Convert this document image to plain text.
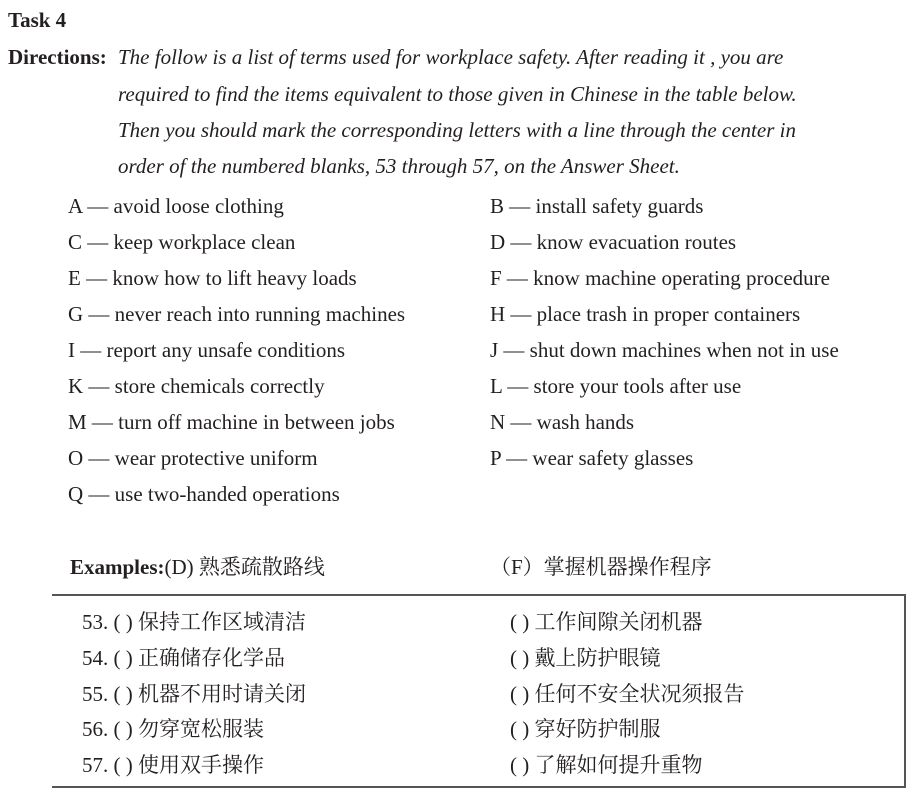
Task 4
Directions: The follow is a list of terms used for workplace safety. After reading it , you are
required to find the items equivalent to those given in Chinese in the table below.
Then you should mark the corresponding letters with a line through the center in
order of the numbered blanks, 53 through 57, on the Answer Sheet.
A — avoid loose clothing	B — install safety guards
C — keep workplace clean	D — know evacuation routes
E — know how to lift heavy loads	F — know machine operating procedure
G — never reach into running machines	H — place trash in proper containers
I — report any unsafe conditions	J — shut down machines when not in use
K — store chemicals correctly	L — store your tools after use
M — turn off machine in between jobs	N — wash hands
O — wear protective uniform	P — wear safety glasses
Q — use two-handed operations
Examples:(D) 熟悉疏散路线	（F）掌握机器操作程序
53. ( ) 保持工作区域清洁	( ) 工作间隙关闭机器
54. ( ) 正确储存化学品	( ) 戴上防护眼镜
55. ( ) 机器不用时请关闭	( ) 任何不安全状况须报告
56. ( ) 勿穿宽松服装	( ) 穿好防护制服
57. ( ) 使用双手操作	( ) 了解如何提升重物
